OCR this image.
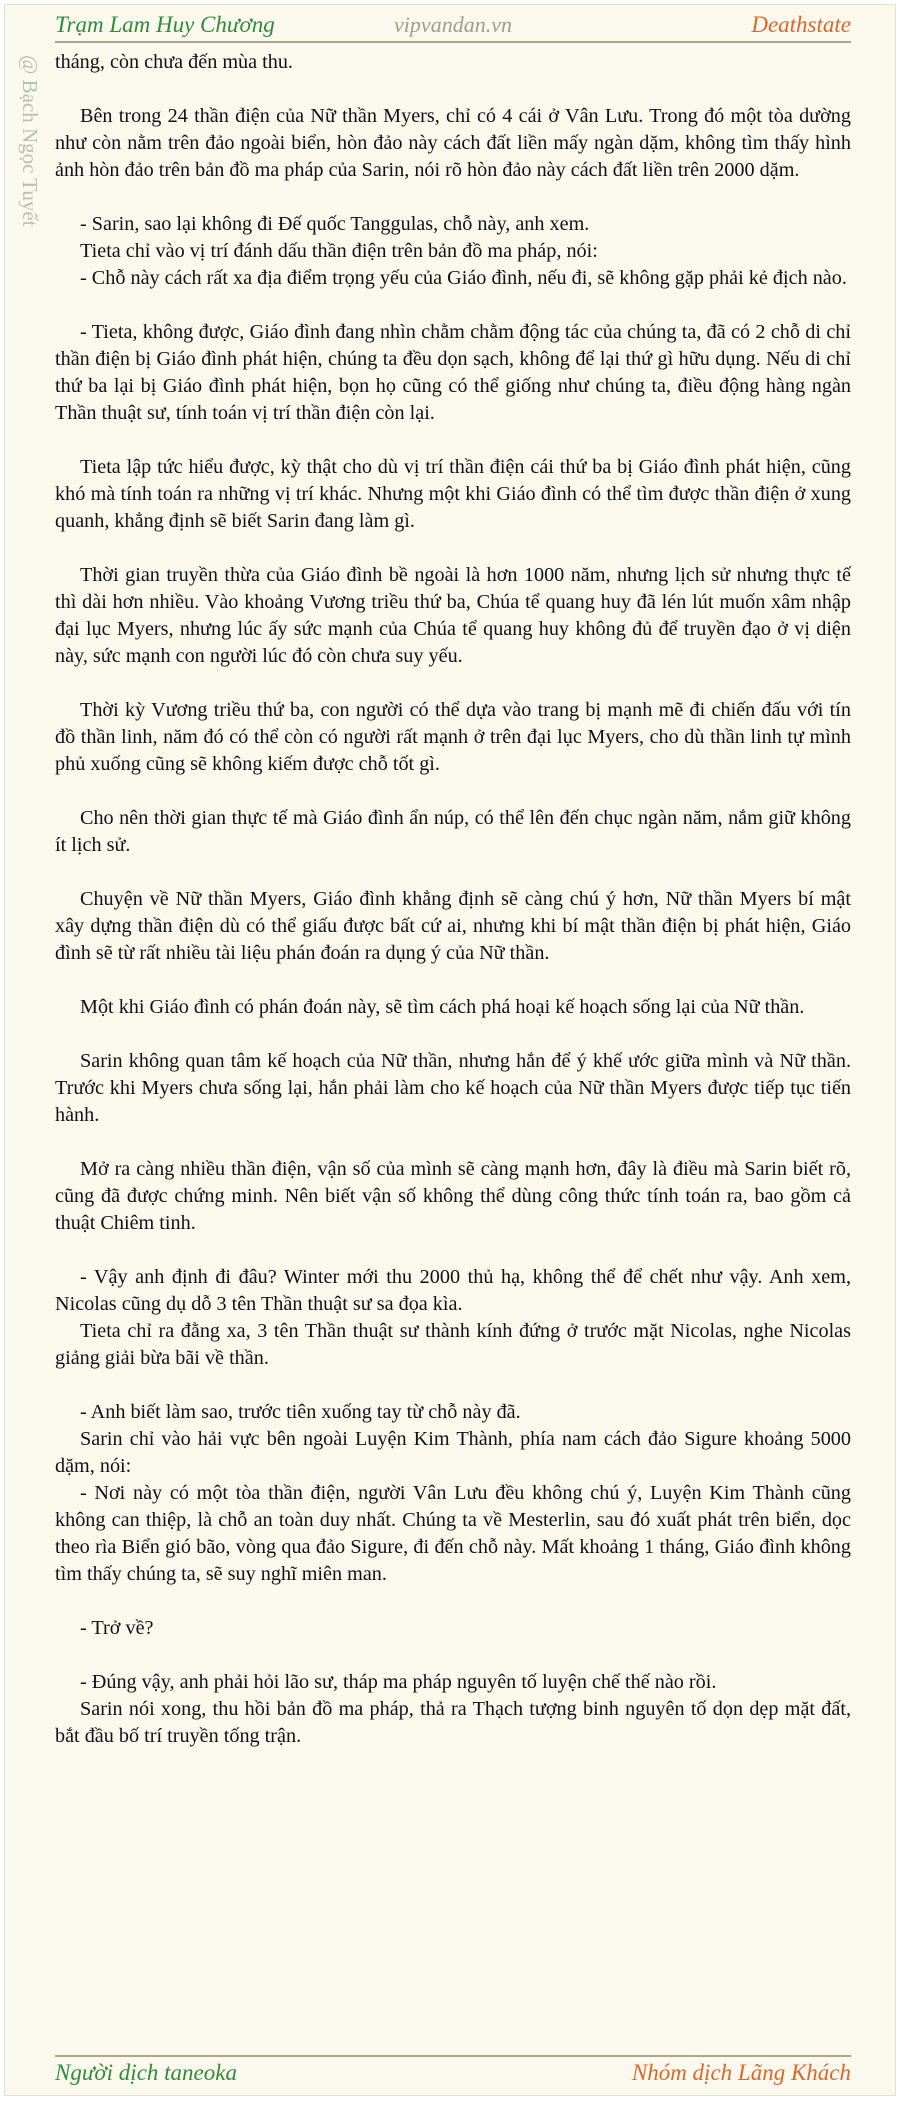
Trạm Lam Huy Chương	vipvandan.vn	Deathstate
@ Bạch Ngọc Tuyết tháng, còn chưa đến mùa thu.

Bên trong 24 thần điện của Nữ thần Myers, chỉ có 4 cái ở Vân Lưu. Trong đó một tòa dường như còn nằm trên đảo ngoài biển, hòn đảo này cách đất liền mấy ngàn dặm, không tìm thấy hình ảnh hòn đảo trên bản đồ ma pháp của Sarin, nói rõ hòn đảo này cách đất liền trên 2000 dặm.

- Sarin, sao lại không đi Đế quốc Tanggulas, chỗ này, anh xem.

Tieta chỉ vào vị trí đánh dấu thần điện trên bản đồ ma pháp, nói:

- Chỗ này cách rất xa địa điểm trọng yếu của Giáo đình, nếu đi, sẽ không gặp phải kẻ địch nào.

- Tieta, không được, Giáo đình đang nhìn chằm chằm động tác của chúng ta, đã có 2 chỗ di chỉ thần điện bị Giáo đình phát hiện, chúng ta đều dọn sạch, không để lại thứ gì hữu dụng. Nếu di chỉ thứ ba lại bị Giáo đình phát hiện, bọn họ cũng có thể giống như chúng ta, điều động hàng ngàn Thần thuật sư, tính toán vị trí thần điện còn lại.

Tieta lập tức hiểu được, kỳ thật cho dù vị trí thần điện cái thứ ba bị Giáo đình phát hiện, cũng khó mà tính toán ra những vị trí khác. Nhưng một khi Giáo đình có thể tìm được thần điện ở xung quanh, khẳng định sẽ biết Sarin đang làm gì.

Thời gian truyền thừa của Giáo đình bề ngoài là hơn 1000 năm, nhưng lịch sử nhưng thực tế thì dài hơn nhiều. Vào khoảng Vương triều thứ ba, Chúa tể quang huy đã lén lút muốn xâm nhập đại lục Myers, nhưng lúc ấy sức mạnh của Chúa tể quang huy không đủ để truyền đạo ở vị diện này, sức mạnh con người lúc đó còn chưa suy yếu.

Thời kỳ Vương triều thứ ba, con người có thể dựa vào trang bị mạnh mẽ đi chiến đấu với tín đồ thần linh, năm đó có thể còn có người rất mạnh ở trên đại lục Myers, cho dù thần linh tự mình phủ xuống cũng sẽ không kiếm được chỗ tốt gì.

Cho nên thời gian thực tế mà Giáo đình ẩn núp, có thể lên đến chục ngàn năm, nắm giữ không ít lịch sử.

Chuyện về Nữ thần Myers, Giáo đình khẳng định sẽ càng chú ý hơn, Nữ thần Myers bí mật xây dựng thần điện dù có thể giấu được bất cứ ai, nhưng khi bí mật thần điện bị phát hiện, Giáo đình sẽ từ rất nhiều tài liệu phán đoán ra dụng ý của Nữ thần.

Một khi Giáo đình có phán đoán này, sẽ tìm cách phá hoại kế hoạch sống lại của Nữ thần.

Sarin không quan tâm kế hoạch của Nữ thần, nhưng hắn để ý khế ước giữa mình và Nữ thần. Trước khi Myers chưa sống lại, hắn phải làm cho kế hoạch của Nữ thần Myers được tiếp tục tiến hành.

Mở ra càng nhiều thần điện, vận số của mình sẽ càng mạnh hơn, đây là điều mà Sarin biết rõ, cũng đã được chứng minh. Nên biết vận số không thể dùng công thức tính toán ra, bao gồm cả thuật Chiêm tinh.

- Vậy anh định đi đâu? Winter mới thu 2000 thủ hạ, không thể để chết như vậy. Anh xem, Nicolas cũng dụ dỗ 3 tên Thần thuật sư sa đọa kìa.

Tieta chỉ ra đằng xa, 3 tên Thần thuật sư thành kính đứng ở trước mặt Nicolas, nghe Nicolas giảng giải bừa bãi về thần.

- Anh biết làm sao, trước tiên xuống tay từ chỗ này đã.

Sarin chỉ vào hải vực bên ngoài Luyện Kim Thành, phía nam cách đảo Sigure khoảng 5000 dặm, nói:

- Nơi này có một tòa thần điện, người Vân Lưu đều không chú ý, Luyện Kim Thành cũng không can thiệp, là chỗ an toàn duy nhất. Chúng ta về Mesterlin, sau đó xuất phát trên biển, dọc theo rìa Biển gió bão, vòng qua đảo Sigure, đi đến chỗ này. Mất khoảng 1 tháng, Giáo đình không tìm thấy chúng ta, sẽ suy nghĩ miên man.

- Trở về?

- Đúng vậy, anh phải hỏi lão sư, tháp ma pháp nguyên tố luyện chế thế nào rồi.

Sarin nói xong, thu hồi bản đồ ma pháp, thả ra Thạch tượng binh nguyên tố dọn dẹp mặt đất, bắt đầu bố trí truyền tống trận.

Người dịch taneoka	Nhóm dịch Lãng Khách
